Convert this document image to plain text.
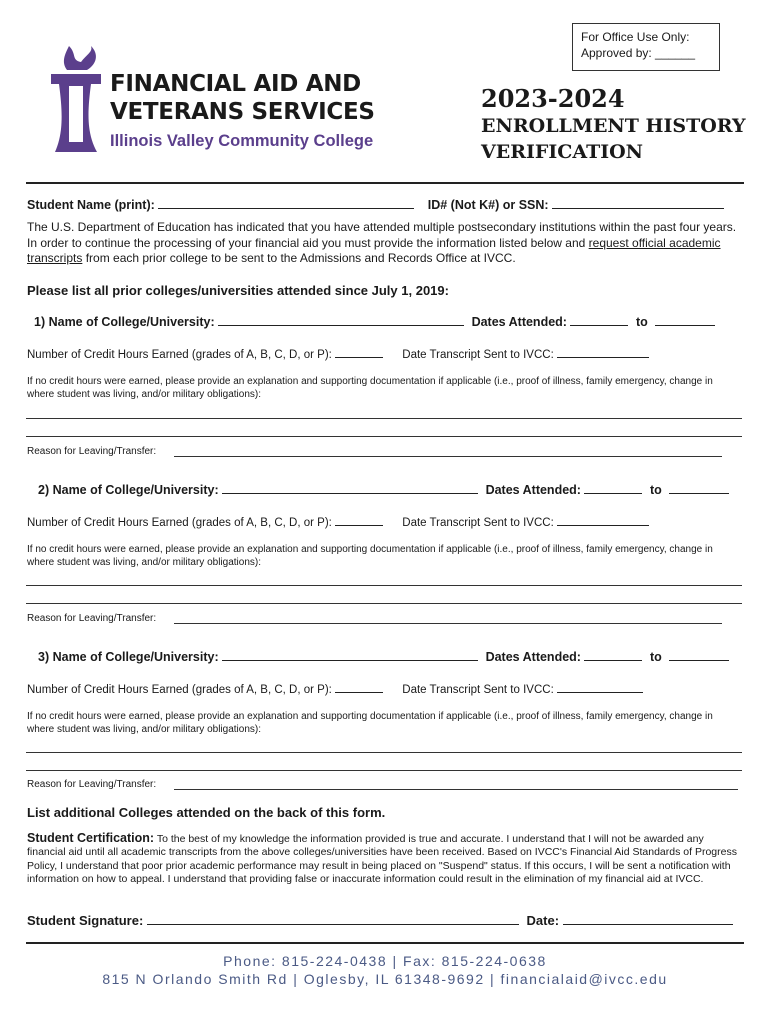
For Office Use Only:
Approved by: ______
FINANCIAL AID AND
VETERANS SERVICES
Illinois Valley Community College
2023-2024
ENROLLMENT HISTORY
VERIFICATION
Student Name (print):	ID# (Not K#) or SSN:
The U.S. Department of Education has indicated that you have attended multiple postsecondary institutions within the past four years. In order to continue the processing of your financial aid you must provide the information listed below and request official academic transcripts from each prior college to be sent to the Admissions and Records Office at IVCC.
Please list all prior colleges/universities attended since July 1, 2019:
1) Name of College/University:	Dates Attended:	to
Number of Credit Hours Earned (grades of A, B, C, D, or P):	Date Transcript Sent to IVCC:
If no credit hours were earned, please provide an explanation and supporting documentation if applicable (i.e., proof of illness, family emergency, change in where student was living, and/or military obligations):
Reason for Leaving/Transfer:
2) Name of College/University:	Dates Attended:	to
Number of Credit Hours Earned (grades of A, B, C, D, or P):	Date Transcript Sent to IVCC:
If no credit hours were earned, please provide an explanation and supporting documentation if applicable (i.e., proof of illness, family emergency, change in where student was living, and/or military obligations):
Reason for Leaving/Transfer:
3) Name of College/University:	Dates Attended:	to
Number of Credit Hours Earned (grades of A, B, C, D, or P):	Date Transcript Sent to IVCC:
If no credit hours were earned, please provide an explanation and supporting documentation if applicable (i.e., proof of illness, family emergency, change in where student was living, and/or military obligations):
Reason for Leaving/Transfer:
List additional Colleges attended on the back of this form.
Student Certification: To the best of my knowledge the information provided is true and accurate. I understand that I will not be awarded any financial aid until all academic transcripts from the above colleges/universities have been received. Based on IVCC's Financial Aid Standards of Progress Policy, I understand that poor prior academic performance may result in being placed on "Suspend" status. If this occurs, I will be sent a notification with information on how to appeal. I understand that providing false or inaccurate information could result in the elimination of my financial aid at IVCC.
Student Signature:	Date:
Phone: 815-224-0438 | Fax: 815-224-0638
815 N Orlando Smith Rd | Oglesby, IL 61348-9692 | financialaid@ivcc.edu
